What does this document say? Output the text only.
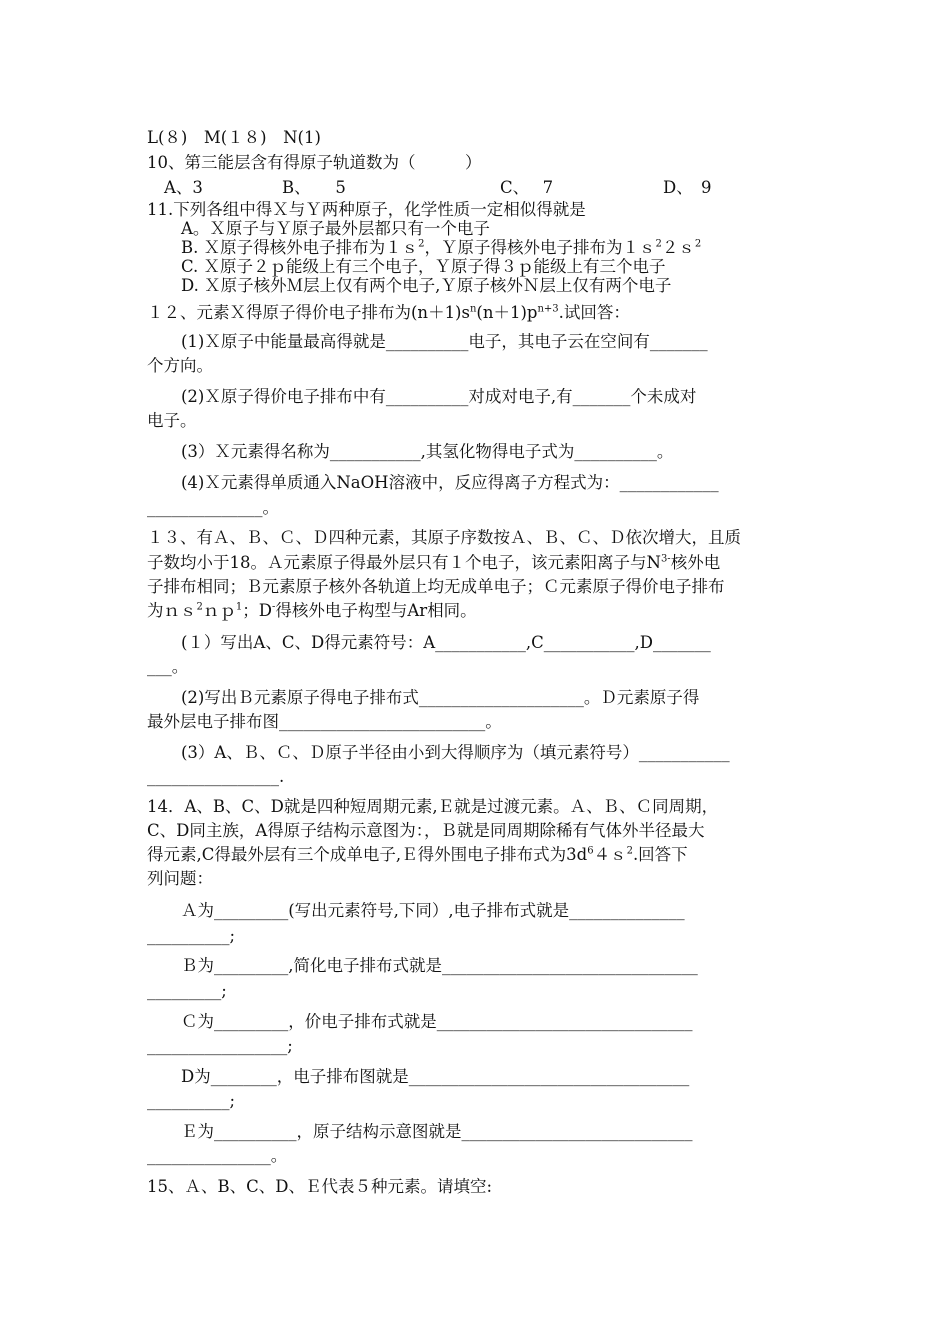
L(８)　M(１８)　N(1)
10、第三能层含有得原子轨道数为（　　　）
A、3	B、　　5	C、　 7	D、　9
11.下列各组中得Ｘ与Ｙ两种原子，化学性质一定相似得就是
A。Ｘ原子与Ｙ原子最外层都只有一个电子
B. Ｘ原子得核外电子排布为１ｓ$^2$，Ｙ原子得核外电子排布为１ｓ$^2$２ｓ$^2$
C. Ｘ原子２ｐ能级上有三个电子，Ｙ原子得３ｐ能级上有三个电子
D. Ｘ原子核外Ｍ层上仅有两个电子,Ｙ原子核外Ｎ层上仅有两个电子
１２、元素Ｘ得原子得价电子排布为$(n+1)s^n(n+1)p^{n+3}$.试回答：
(1)Ｘ原子中能量最高得就是__________电子，其电子云在空间有_______
个方向。
(2)Ｘ原子得价电子排布中有__________对成对电子,有_______个未成对
电子。
(3）Ｘ元素得名称为___________,其氢化物得电子式为__________。
(4)Ｘ元素得单质通入NaOH溶液中，反应得离子方程式为：____________
______________。
１３、有Ａ、Ｂ、Ｃ、Ｄ四种元素，其原子序数按Ａ、Ｂ、Ｃ、Ｄ依次增大，且质
子数均小于18。Ａ元素原子得最外层只有１个电子，该元素阳离子与$N^{3-}$核外电
子排布相同；Ｂ元素原子核外各轨道上均无成单电子；Ｃ元素原子得价电子排布
为ｎｓ$^2$ｎｐ$^1$；D-得核外电子构型与Ar相同。
(１）写出A、C、D得元素符号：A___________,C___________,D_______
___。
(2)写出Ｂ元素原子得电子排布式____________________。Ｄ元素原子得
最外层电子排布图_________________________。
(3）A、Ｂ、Ｃ、Ｄ原子半径由小到大得顺序为（填元素符号）___________
________________.
14．A、B、C、D就是四种短周期元素,Ｅ就是过渡元素。Ａ、Ｂ、Ｃ同周期，
C、D同主族，A得原子结构示意图为：，Ｂ就是同周期除稀有气体外半径最大
得元素,C得最外层有三个成单电子,Ｅ得外围电子排布式为$3d^64s^2$.回答下
列问题：
Ａ为_________(写出元素符号,下同）,电子排布式就是______________
__________;
Ｂ为_________,简化电子排布式就是_______________________________
_________;
Ｃ为_________，价电子排布式就是_______________________________
_________________;
D为________，电子排布图就是__________________________________
__________;
Ｅ为__________，原子结构示意图就是____________________________
_______________。
15、Ａ、B、C、D、Ｅ代表５种元素。请填空:
